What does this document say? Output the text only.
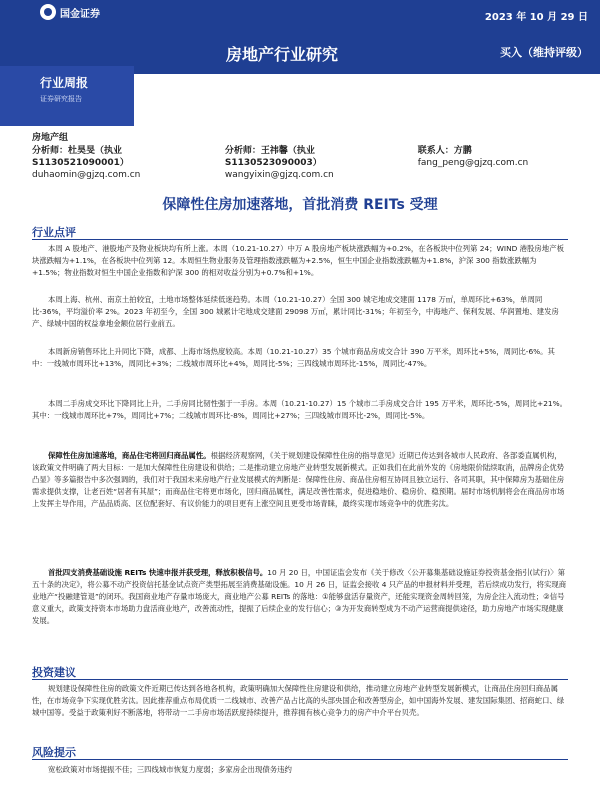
国金证券	2023 年 10 月 29 日
房地产行业研究	买入（维持评级）
行业周报
证券研究报告
房地产组
分析师：杜昊旻（执业
S1130521090001）
duhaomin@gjzq.com.cn
分析师：王祎馨（执业
S1130523090003）
wangyixin@gjzq.com.cn
联系人：方鹏
fang_peng@gjzq.com.cn
保障性住房加速落地，首批消费 REITs 受理
行业点评
本周 A 股地产、港股地产及物业板块均有所上涨。本周（10.21-10.27）中万 A 股房地产板块涨跌幅为+0.2%，在各板块中位列第 24；WIND 港股房地产板块涨跌幅为+1.1%，在各板块中位列第 12。本周恒生物业服务及管理指数涨跌幅为+2.5%，恒生中国企业指数涨跌幅为+1.8%，沪深 300 指数涨跌幅为+1.5%；物业指数对恒生中国企业指数和沪深 300 的相对收益分别为+0.7%和+1%。
本周上海、杭州、南京土拍较宜，土地市场整体延续低迷趋势。本周（10.21-10.27）全国 300 城宅地成交建面 1178 万㎡，单周环比+63%，单周同比-36%，平均溢价率 2%。2023 年初至今，全国 300 城累计宅地成交建面 29098 万㎡，累计同比-31%；年初至今，中海地产、保利发展、华润置地、建发房产、绿城中国的权益拿地金额位居行业前五。
本周新房销售环比上升同比下降，成都、上海市场热度较高。本周（10.21-10.27）35 个城市商品房成交合计 390 万平米，周环比+5%，周同比-6%。其中：一线城市周环比+13%，周同比+3%；二线城市周环比+4%，周同比-5%；三四线城市周环比-15%，周同比-47%。
本周二手房成交环比下降同比上升，二手房同比韧性强于一手房。本周（10.21-10.27）15 个城市二手房成交合计 195 万平米，周环比-5%，周同比+21%。其中：一线城市周环比+7%，周同比+7%；二线城市周环比-8%，周同比+27%；三四线城市周环比-2%，周同比-5%。
保障性住房加速落地，商品住宅将回归商品属性。根据经济观察网，《关于规划建设保障性住房的指导意见》近期已传达到各城市人民政府、各部委直属机构，该政策文件明确了两大目标：一是加大保障性住房建设和供给；二是推动建立房地产业转型发展新模式。正如我们在此前外发的《房地限价陆续取消，品牌房企优势凸显》等多篇报告中多次强调的，我们对于我国未来房地产行业发展模式的判断是：保障性住房、商品住房相互协同且独立运行、各司其职，其中保障房为基础住房需求提供支撑，让老百姓“居者有其屋”；而商品住宅将更市场化，回归商品属性，满足改善性需求，促进稳地价、稳房价、稳预期。届时市场机制将会在商品房市场上发挥主导作用，产品品质高、区位配套好、有议价能力的项目更有上涨空间且更受市场青睐，最终实现市场竞争中的优胜劣汰。
首批四支消费基础设施 REITs 快速申报并获受理，释放积极信号。10 月 20 日，中国证监会发布《关于修改〈公开募集基础设施证券投资基金指引(试行)〉第五十条的决定》，将公募不动产投资信托基金试点资产类型拓展至消费基础设施。10 月 26 日，证监会接收 4 只产品的申报材料并受理，若后续成功发行，将实现商业地产“投融建管退”的闭环。我国商业地产存量市场庞大，商业地产公募 REITs 的落地：①能够盘活存量资产，还能实现资金周转回笼，为房企注入流动性；②信号意义重大，政策支持资本市场助力盘活商业地产，改善流动性，提振了后续企业的发行信心；③为开发商转型成为不动产运营商提供途径，助力房地产市场实现健康发展。
投资建议
规划建设保障性住房的政策文件近期已传达到各地各机构，政策明确加大保障性住房建设和供给，推动建立房地产业转型发展新模式，让商品住房回归商品属性，在市场竞争下实现优胜劣汰。因此推荐重点布局优质一二线城市、改善产品占比高的头部央国企和改善型房企，如中国海外发展、建发国际集团、招商蛇口、绿城中国等。受益于政策利好不断落地，将带动一二手房市场活跃度持续提升，推荐拥有核心竞争力的房产中介平台贝壳。
风险提示
宽松政策对市场提振不佳；三四线城市恢复力度弱；多家房企出现债务违约
